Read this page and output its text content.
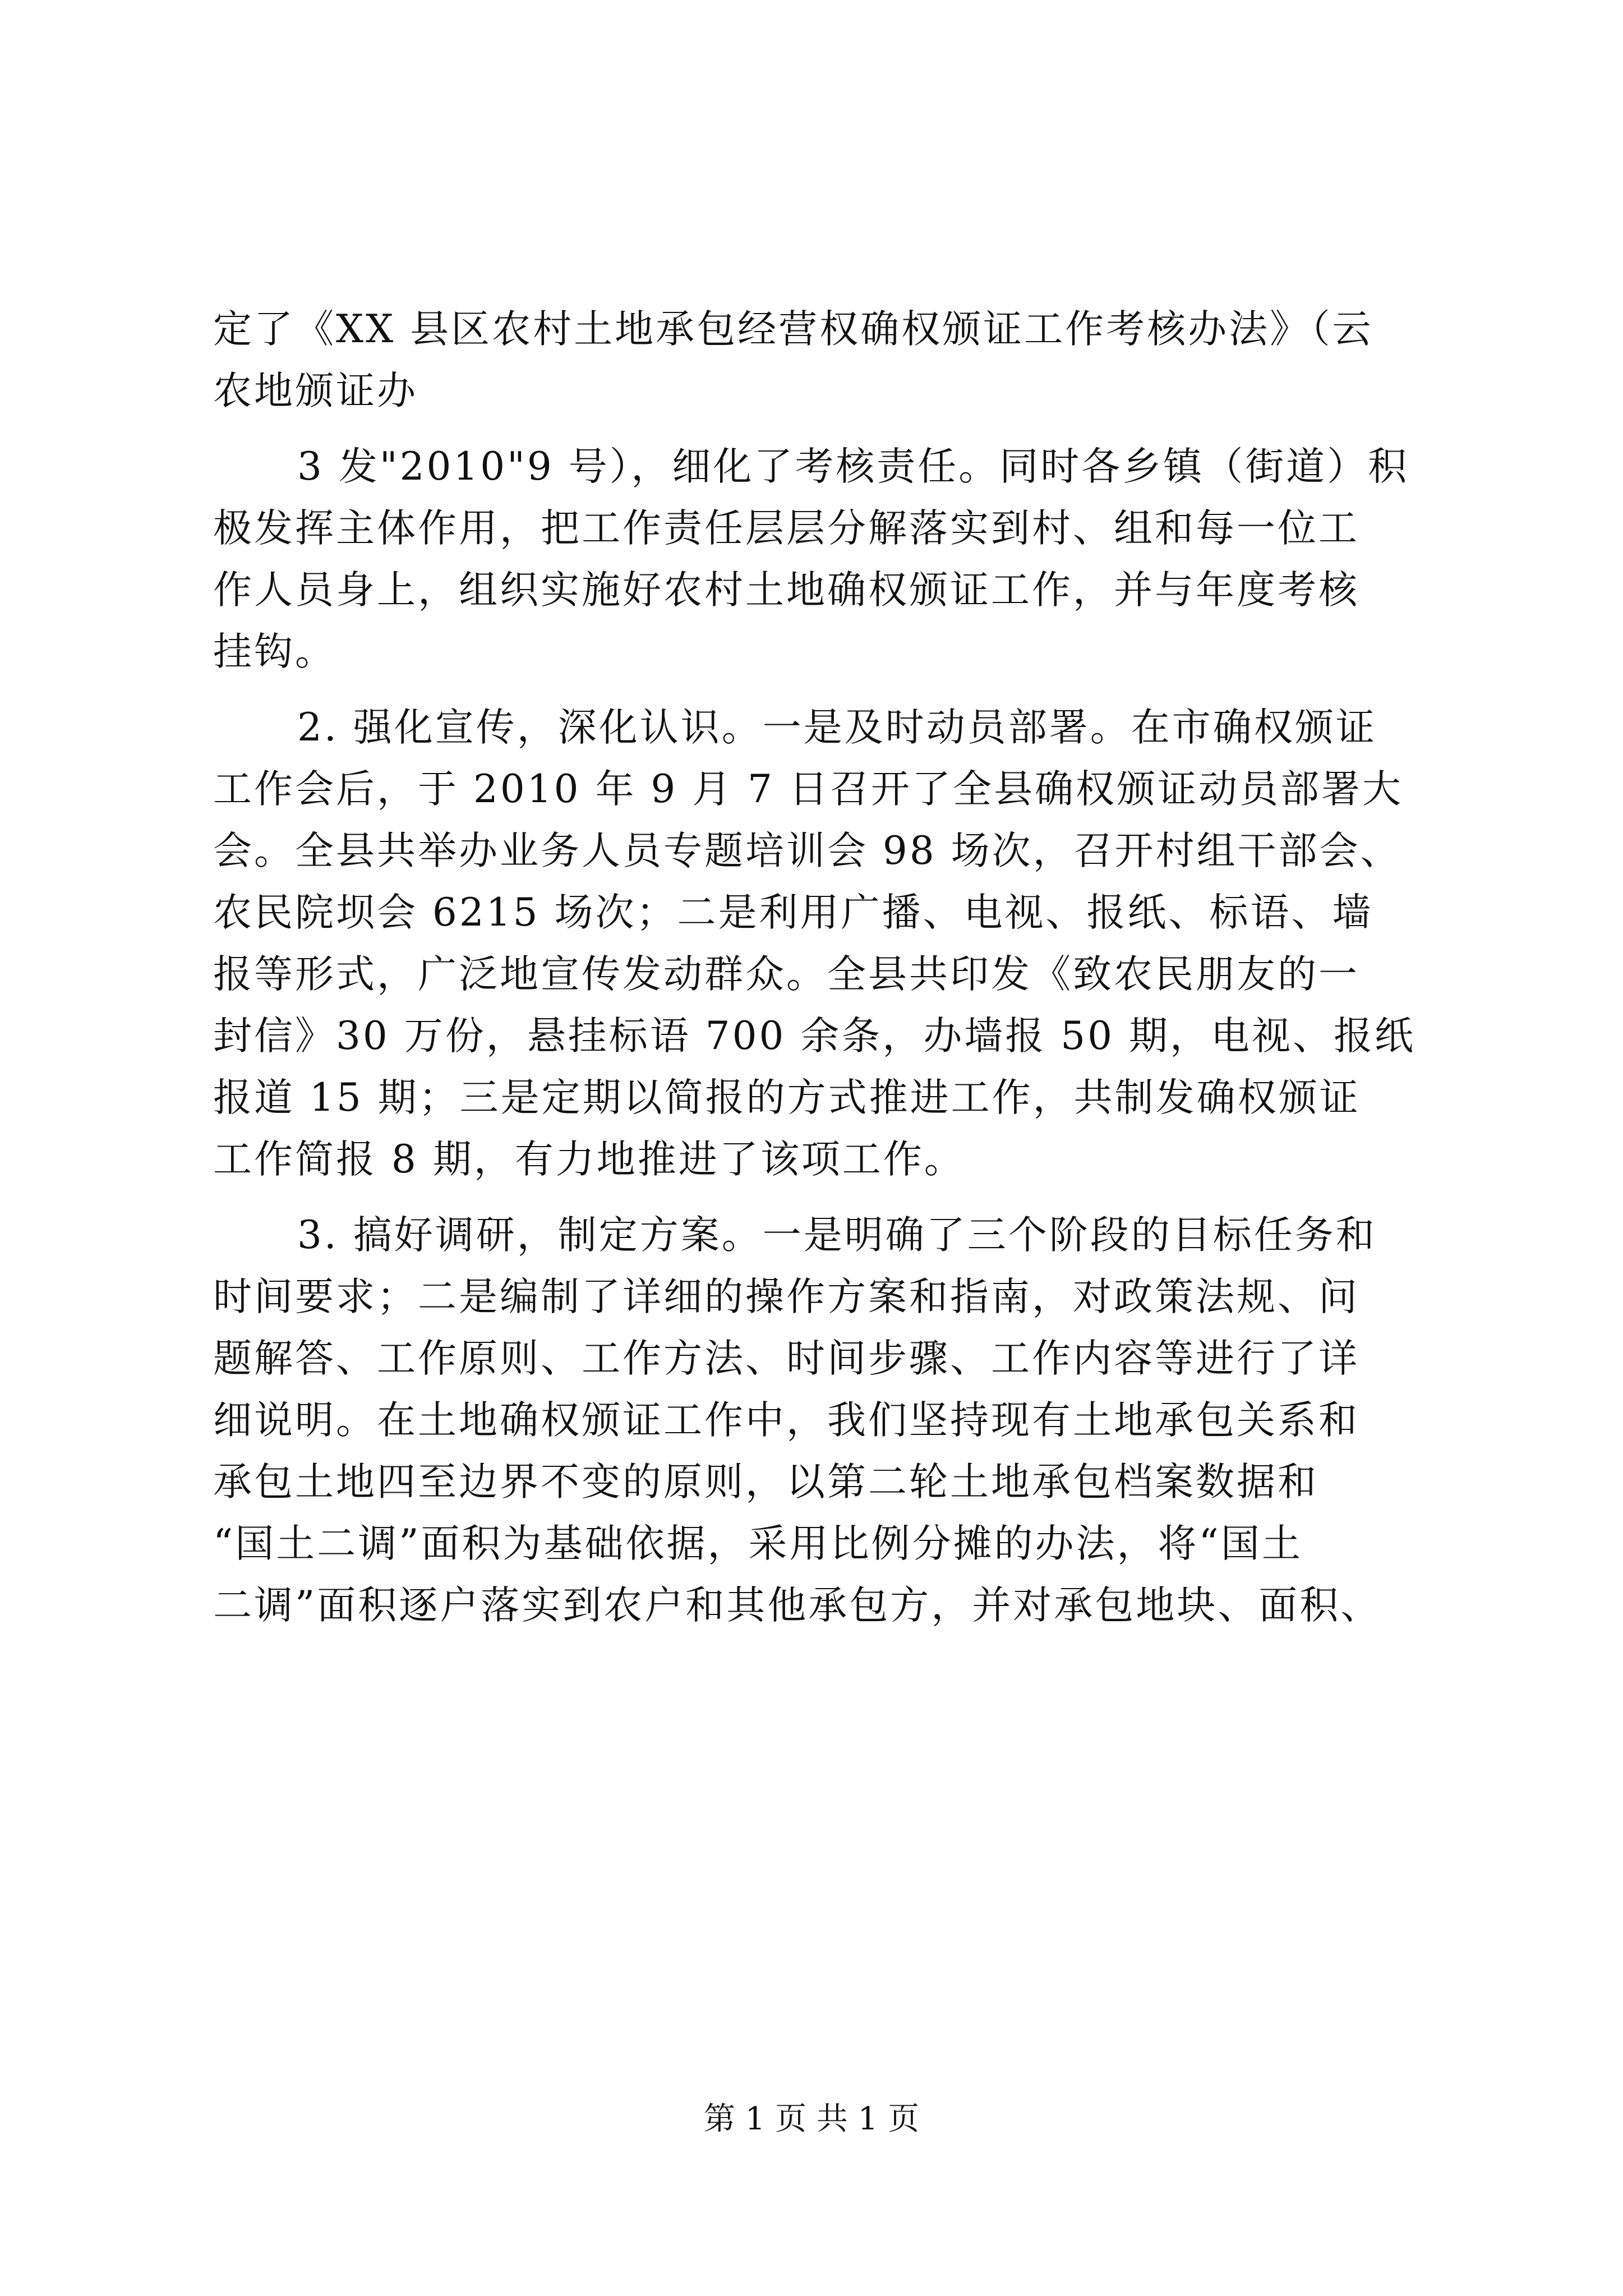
定了《XX 县区农村土地承包经营权确权颁证工作考核办法》（云
农地颁证办
3 发"2010"9 号），细化了考核责任。同时各乡镇（街道）积
极发挥主体作用，把工作责任层层分解落实到村、组和每一位工
作人员身上，组织实施好农村土地确权颁证工作，并与年度考核
挂钩。
2. 强化宣传，深化认识。一是及时动员部署。在市确权颁证
工作会后，于 2010 年 9 月 7 日召开了全县确权颁证动员部署大
会。全县共举办业务人员专题培训会 98 场次，召开村组干部会、
农民院坝会 6215 场次；二是利用广播、电视、报纸、标语、墙
报等形式，广泛地宣传发动群众。全县共印发《致农民朋友的一
封信》30 万份，悬挂标语 700 余条，办墙报 50 期，电视、报纸
报道 15 期；三是定期以简报的方式推进工作，共制发确权颁证
工作简报 8 期，有力地推进了该项工作。
3. 搞好调研，制定方案。一是明确了三个阶段的目标任务和
时间要求；二是编制了详细的操作方案和指南，对政策法规、问
题解答、工作原则、工作方法、时间步骤、工作内容等进行了详
细说明。在土地确权颁证工作中，我们坚持现有土地承包关系和
承包土地四至边界不变的原则，以第二轮土地承包档案数据和
“国土二调”面积为基础依据，采用比例分摊的办法，将“国土
二调”面积逐户落实到农户和其他承包方，并对承包地块、面积、
第 1 页 共 1 页
